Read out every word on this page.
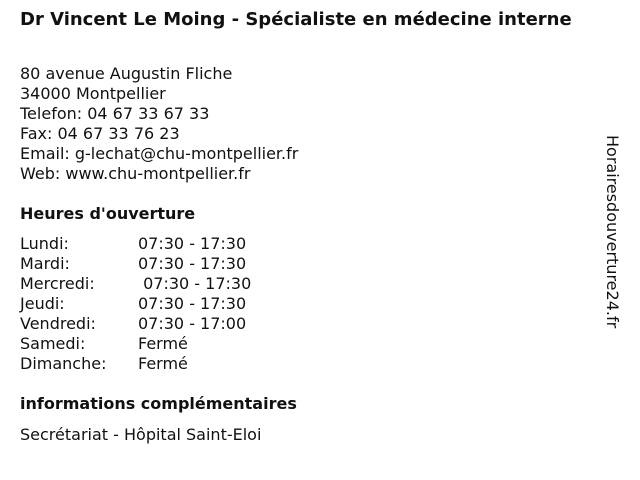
Dr Vincent Le Moing - Spécialiste en médecine interne
80 avenue Augustin Fliche
34000 Montpellier
Telefon: 04 67 33 67 33
Fax: 04 67 33 76 23
Email: g-lechat@chu-montpellier.fr
Web: www.chu-montpellier.fr
Heures d'ouverture
Lundi:	07:30 - 17:30
Mardi:	07:30 - 17:30
Mercredi:	07:30 - 17:30
Jeudi:	07:30 - 17:30
Vendredi:	07:30 - 17:00
Samedi:	Fermé
Dimanche:	Fermé
informations complémentaires
Secrétariat - Hôpital Saint-Eloi
Horairesdouverture24.fr
